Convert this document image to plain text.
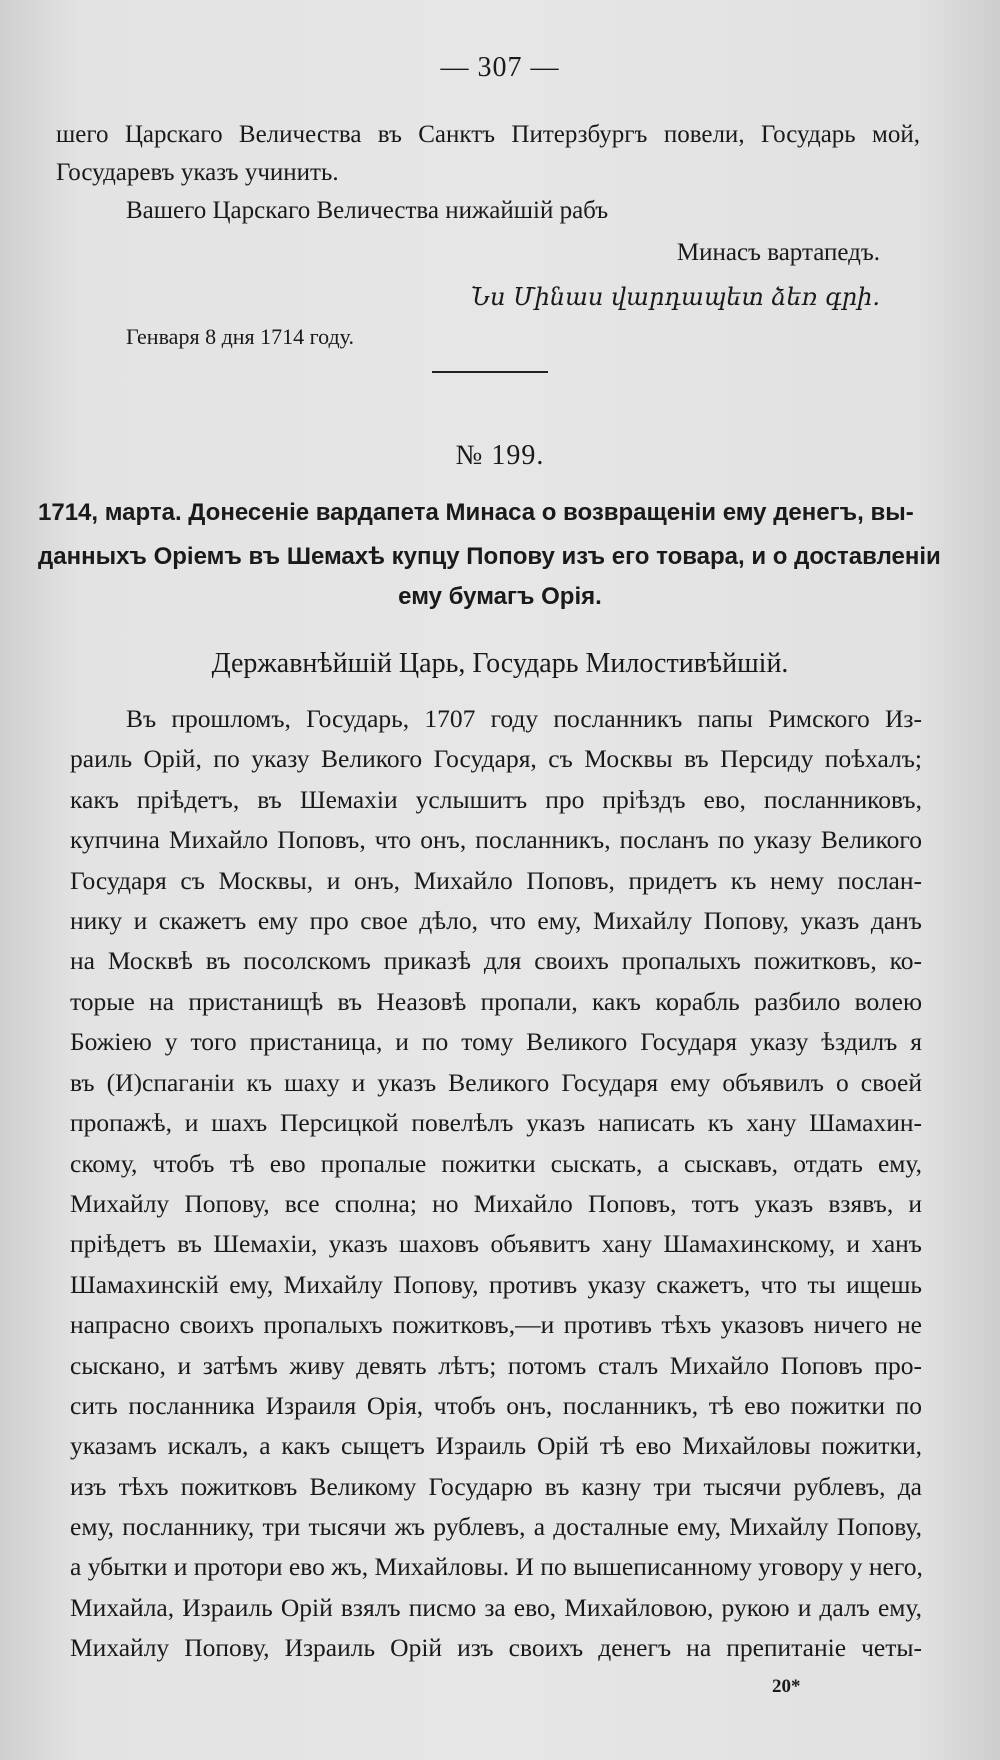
— 307 —
шего Царскаго Величества въ Санктъ Питерзбургъ повели, Государь мой,
Государевъ указъ учинить.
Вашего Царскаго Величества нижайшій рабъ
Минасъ вартапедъ.
Նս Մինաս վարդապետ ձեռ գրի.
Генваря 8 дня 1714 году.
№ 199.
1714, марта. Донесеніе вардапета Минаса о возвращеніи ему денегъ, вы-
данныхъ Оріемъ въ Шемахѣ купцу Попову изъ его товара, и о доставленіи
ему бумагъ Орія.
Державнѣйшій Царь, Государь Милостивѣйшій.
Въ прошломъ, Государь, 1707 году посланникъ папы Римского Из-
раиль Орій, по указу Великого Государя, съ Москвы въ Персиду поѣхалъ;
какъ пріѣдетъ, въ Шемахіи услышитъ про пріѣздъ ево, посланниковъ,
купчина Михайло Поповъ, что онъ, посланникъ, посланъ по указу Великого
Государя съ Москвы, и онъ, Михайло Поповъ, придетъ къ нему послан-
нику и скажетъ ему про свое дѣло, что ему, Михайлу Попову, указъ данъ
на Москвѣ въ посолскомъ приказѣ для своихъ пропалыхъ пожитковъ, ко-
торые на пристанищѣ въ Неазовѣ пропали, какъ корабль разбило волею
Божіею у того пристаница, и по тому Великого Государя указу ѣздилъ я
въ (И)спаганіи къ шаху и указъ Великого Государя ему объявилъ о своей
пропажѣ, и шахъ Персицкой повелѣлъ указъ написать къ хану Шамахин-
скому, чтобъ тѣ ево пропалые пожитки сыскать, а сыскавъ, отдать ему,
Михайлу Попову, все сполна; но Михайло Поповъ, тотъ указъ взявъ, и
пріѣдетъ въ Шемахіи, указъ шаховъ объявитъ хану Шамахинскому, и ханъ
Шамахинскій ему, Михайлу Попову, противъ указу скажетъ, что ты ищешь
напрасно своихъ пропалыхъ пожитковъ,—и противъ тѣхъ указовъ ничего не
сыскано, и затѣмъ живу девять лѣтъ; потомъ сталъ Михайло Поповъ про-
сить посланника Израиля Орія, чтобъ онъ, посланникъ, тѣ ево пожитки по
указамъ искалъ, а какъ сыщетъ Израиль Орій тѣ ево Михайловы пожитки,
изъ тѣхъ пожитковъ Великому Государю въ казну три тысячи рублевъ, да
ему, посланнику, три тысячи жъ рублевъ, а досталные ему, Михайлу Попову,
а убытки и протори ево жъ, Михайловы. И по вышеписанному уговору у него,
Михайла, Израиль Орій взялъ писмо за ево, Михайловою, рукою и далъ ему,
Михайлу Попову, Израиль Орій изъ своихъ денегъ на препитаніе четы-
20*
